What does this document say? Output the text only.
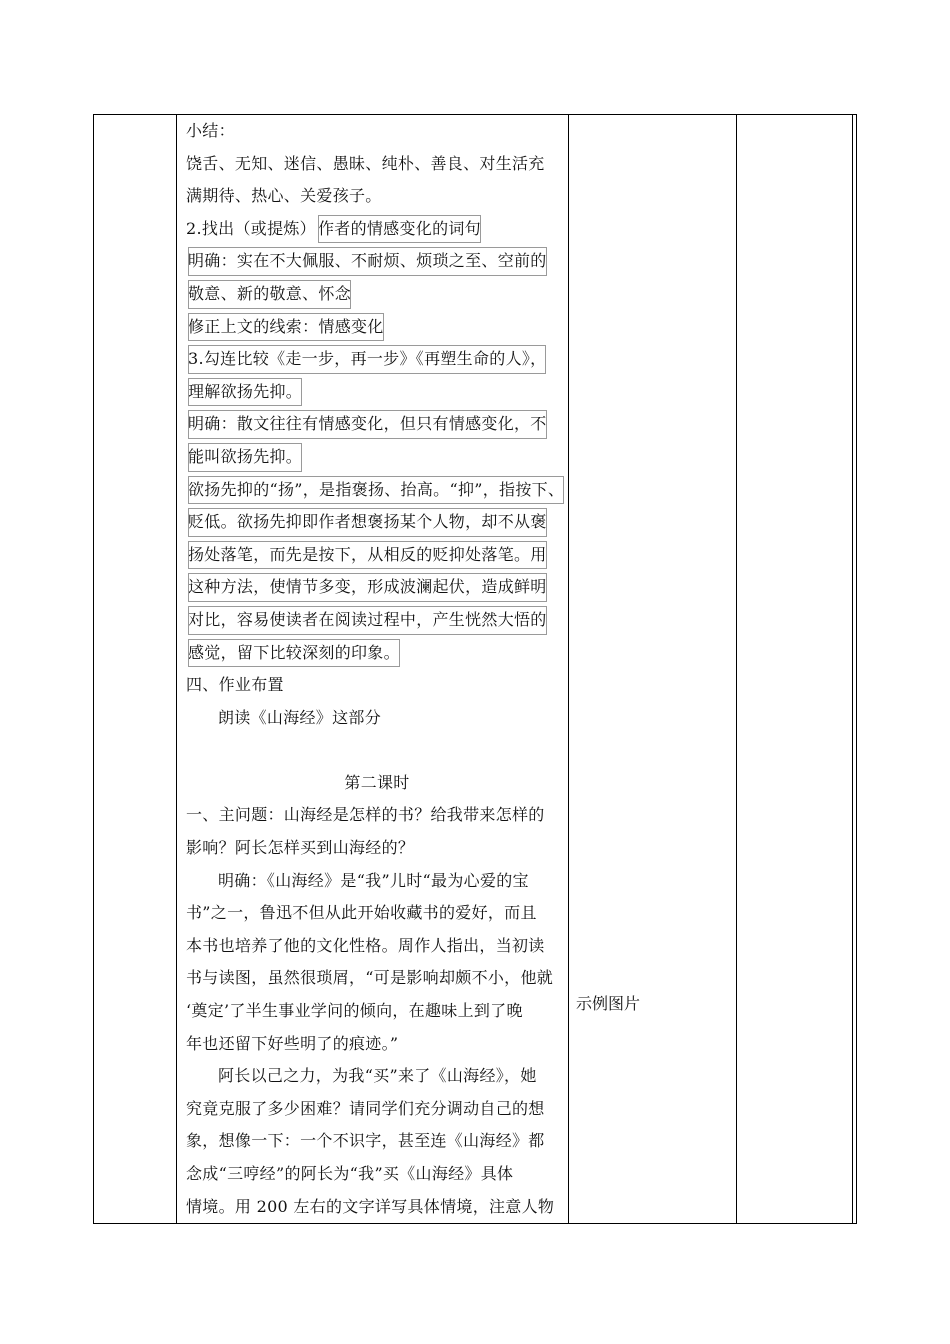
小结：
饶舌、无知、迷信、愚昧、纯朴、善良、对生活充
满期待、热心、关爱孩子。
2.找出（或提炼） 作者的情感变化的词句
明确：实在不大佩服、不耐烦、烦琐之至、空前的
敬意、新的敬意、怀念
修正上文的线索：情感变化
3.勾连比较《走一步，再一步》《再塑生命的人》，
理解欲扬先抑。
明确：散文往往有情感变化，但只有情感变化，不
能叫欲扬先抑。
欲扬先抑的“扬”，是指褒扬、抬高。“抑”，指按下、
贬低。欲扬先抑即作者想褒扬某个人物，却不从褒
扬处落笔，而先是按下，从相反的贬抑处落笔。用
这种方法，使情节多变，形成波澜起伏，造成鲜明
对比，容易使读者在阅读过程中，产生恍然大悟的
感觉，留下比较深刻的印象。
四、作业布置
朗读《山海经》这部分
第二课时
一、主问题：山海经是怎样的书？给我带来怎样的
影响？阿长怎样买到山海经的？
明确：《山海经》是“我”儿时“最为心爱的宝
书”之一，鲁迅不但从此开始收藏书的爱好，而且
本书也培养了他的文化性格。周作人指出，当初读
书与读图，虽然很琐屑，“可是影响却颇不小，他就
‘奠定’了半生事业学问的倾向，在趣味上到了晚
年也还留下好些明了的痕迹。”
阿长以己之力，为我“买”来了《山海经》，她
究竟克服了多少困难？请同学们充分调动自己的想
象，想像一下：一个不识字，甚至连《山海经》都
念成“三哼经”的阿长为“我”买《山海经》具体
情境。用 200 左右的文字详写具体情境，注意人物
示例图片
